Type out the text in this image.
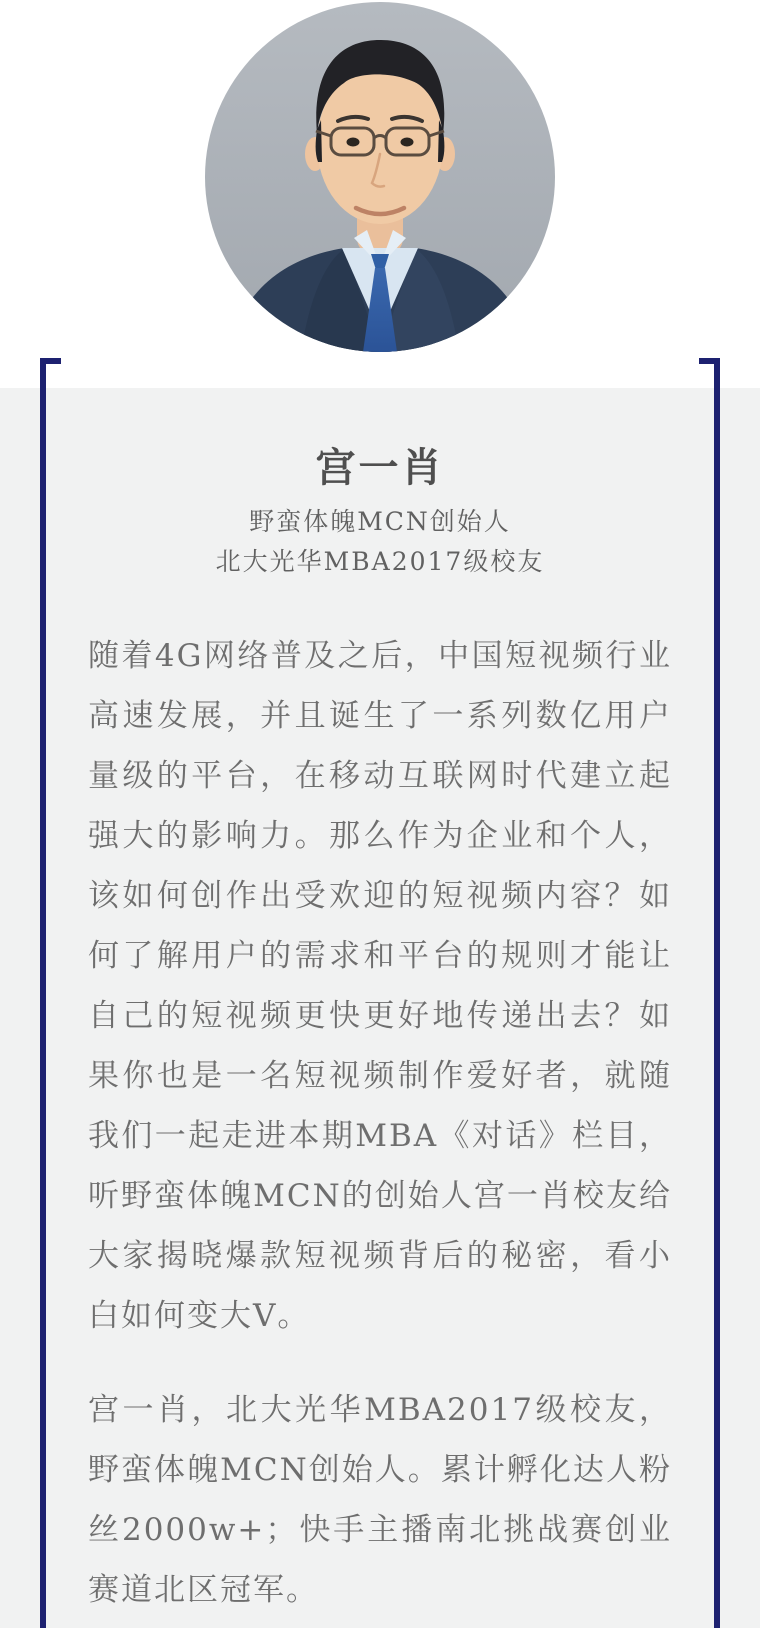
宫一肖
野蛮体魄MCN创始人
北大光华MBA2017级校友

随着4G网络普及之后，中国短视频行业高速发展，并且诞生了一系列数亿用户量级的平台，在移动互联网时代建立起强大的影响力。那么作为企业和个人，该如何创作出受欢迎的短视频内容？如何了解用户的需求和平台的规则才能让自己的短视频更快更好地传递出去？如果你也是一名短视频制作爱好者，就随我们一起走进本期MBA《对话》栏目，听野蛮体魄MCN的创始人宫一肖校友给大家揭晓爆款短视频背后的秘密，看小白如何变大V。

宫一肖，北大光华MBA2017级校友，野蛮体魄MCN创始人。累计孵化达人粉丝2000w+；快手主播南北挑战赛创业赛道北区冠军。
